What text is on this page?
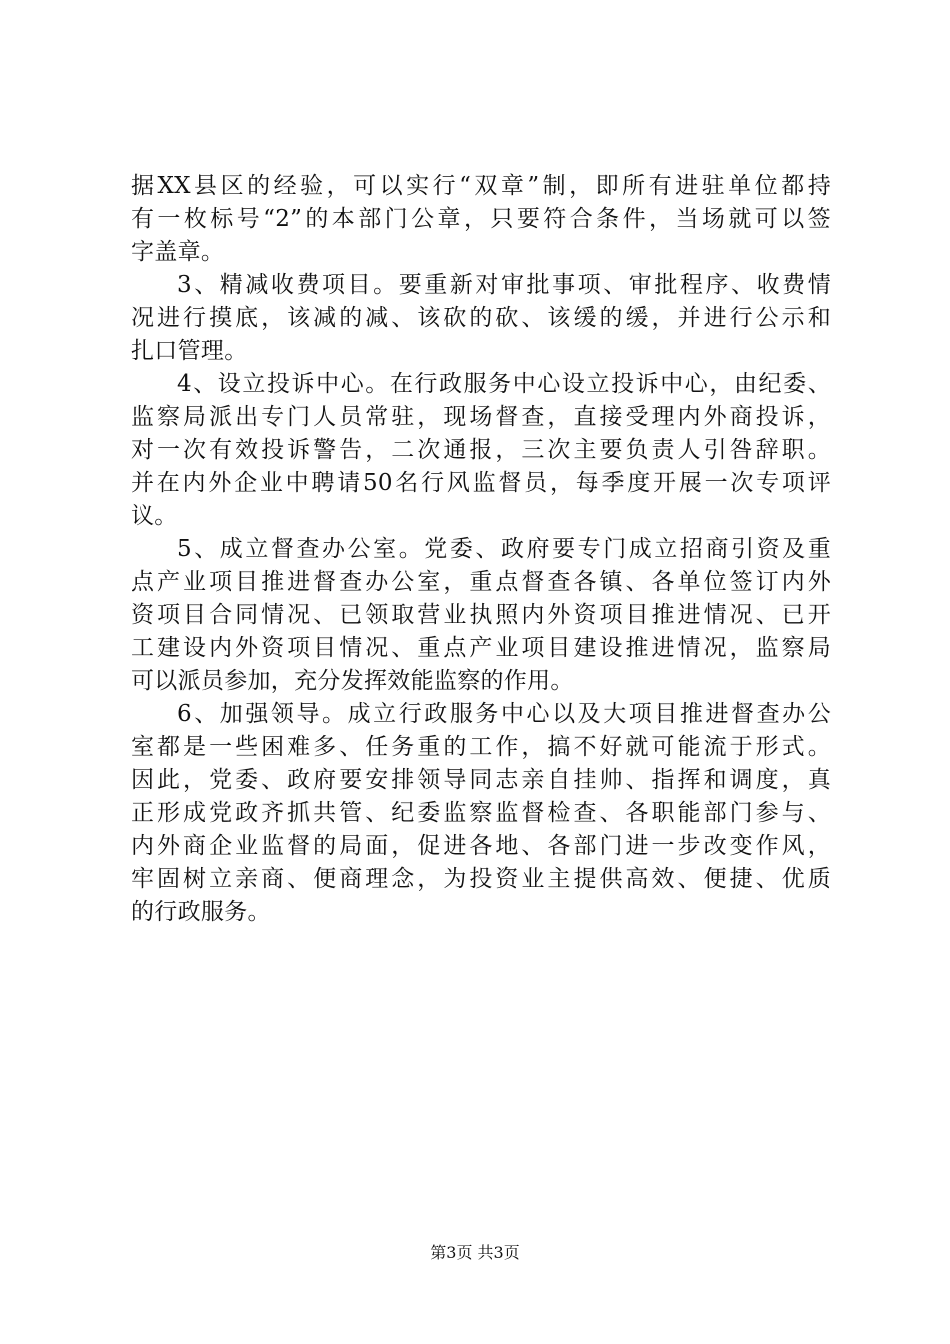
据XX县区的经验，可以实行“双章”制，即所有进驻单位都持
有一枚标号“2”的本部门公章，只要符合条件，当场就可以签
字盖章。
3、精减收费项目。要重新对审批事项、审批程序、收费情
况进行摸底，该减的减、该砍的砍、该缓的缓，并进行公示和
扎口管理。
4、设立投诉中心。在行政服务中心设立投诉中心，由纪委、
监察局派出专门人员常驻，现场督查，直接受理内外商投诉，
对一次有效投诉警告，二次通报，三次主要负责人引咎辞职。
并在内外企业中聘请50名行风监督员，每季度开展一次专项评
议。
5、成立督查办公室。党委、政府要专门成立招商引资及重
点产业项目推进督查办公室，重点督查各镇、各单位签订内外
资项目合同情况、已领取营业执照内外资项目推进情况、已开
工建设内外资项目情况、重点产业项目建设推进情况，监察局
可以派员参加，充分发挥效能监察的作用。
6、加强领导。成立行政服务中心以及大项目推进督查办公
室都是一些困难多、任务重的工作，搞不好就可能流于形式。
因此，党委、政府要安排领导同志亲自挂帅、指挥和调度，真
正形成党政齐抓共管、纪委监察监督检查、各职能部门参与、
内外商企业监督的局面，促进各地、各部门进一步改变作风，
牢固树立亲商、便商理念，为投资业主提供高效、便捷、优质
的行政服务。
第3页 共3页
